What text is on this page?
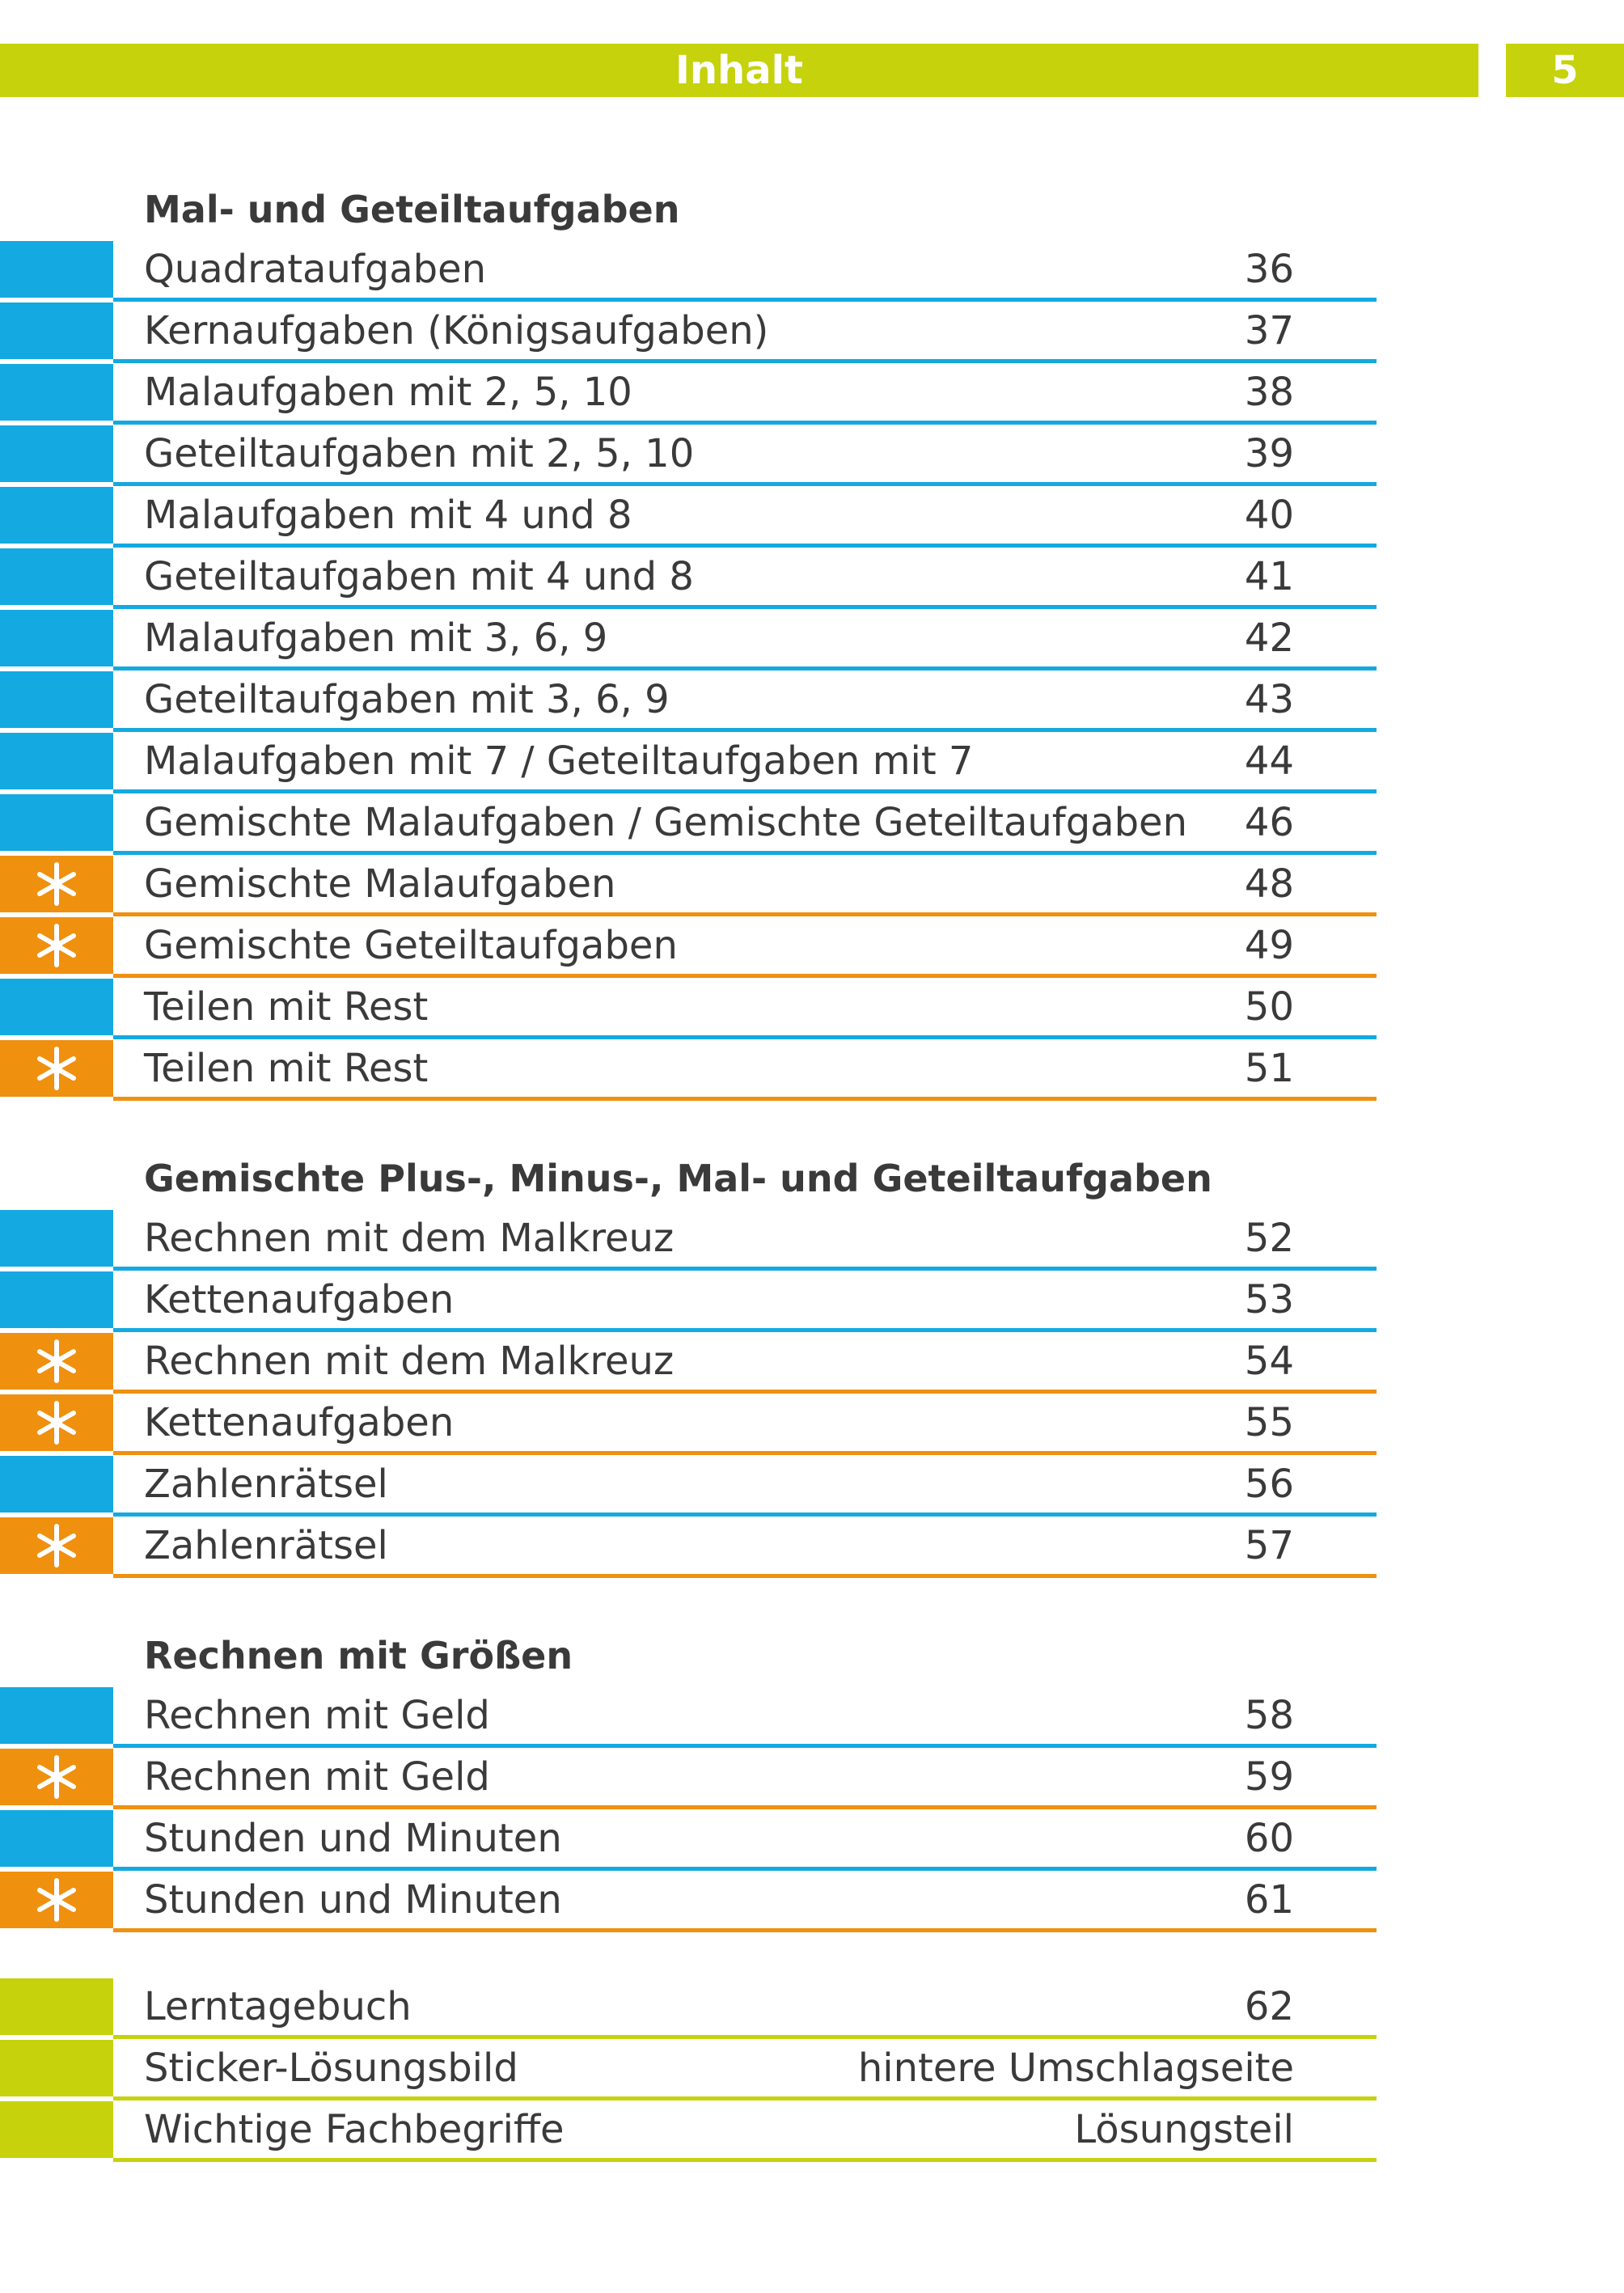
Inhalt	5
Mal- und Geteiltaufgaben
Quadrataufgaben	36
Kernaufgaben (Königsaufgaben)	37
Malaufgaben mit 2, 5, 10	38
Geteiltaufgaben mit 2, 5, 10	39
Malaufgaben mit 4 und 8	40
Geteiltaufgaben mit 4 und 8	41
Malaufgaben mit 3, 6, 9	42
Geteiltaufgaben mit 3, 6, 9	43
Malaufgaben mit 7 / Geteiltaufgaben mit 7	44
Gemischte Malaufgaben / Gemischte Geteiltaufgaben 46
Gemischte Malaufgaben	48
Gemischte Geteiltaufgaben	49
Teilen mit Rest	50
Teilen mit Rest	51
Gemischte Plus-, Minus-, Mal- und Geteiltaufgaben
Rechnen mit dem Malkreuz	52
Kettenaufgaben	53
Rechnen mit dem Malkreuz	54
Kettenaufgaben	55
Zahlenrätsel	56
Zahlenrätsel	57
Rechnen mit Größen
Rechnen mit Geld	58
Rechnen mit Geld	59
Stunden und Minuten	60
Stunden und Minuten	61
Lerntagebuch	62
Sticker-Lösungsbild	hintere Umschlagseite
Wichtige Fachbegriffe	Lösungsteil
